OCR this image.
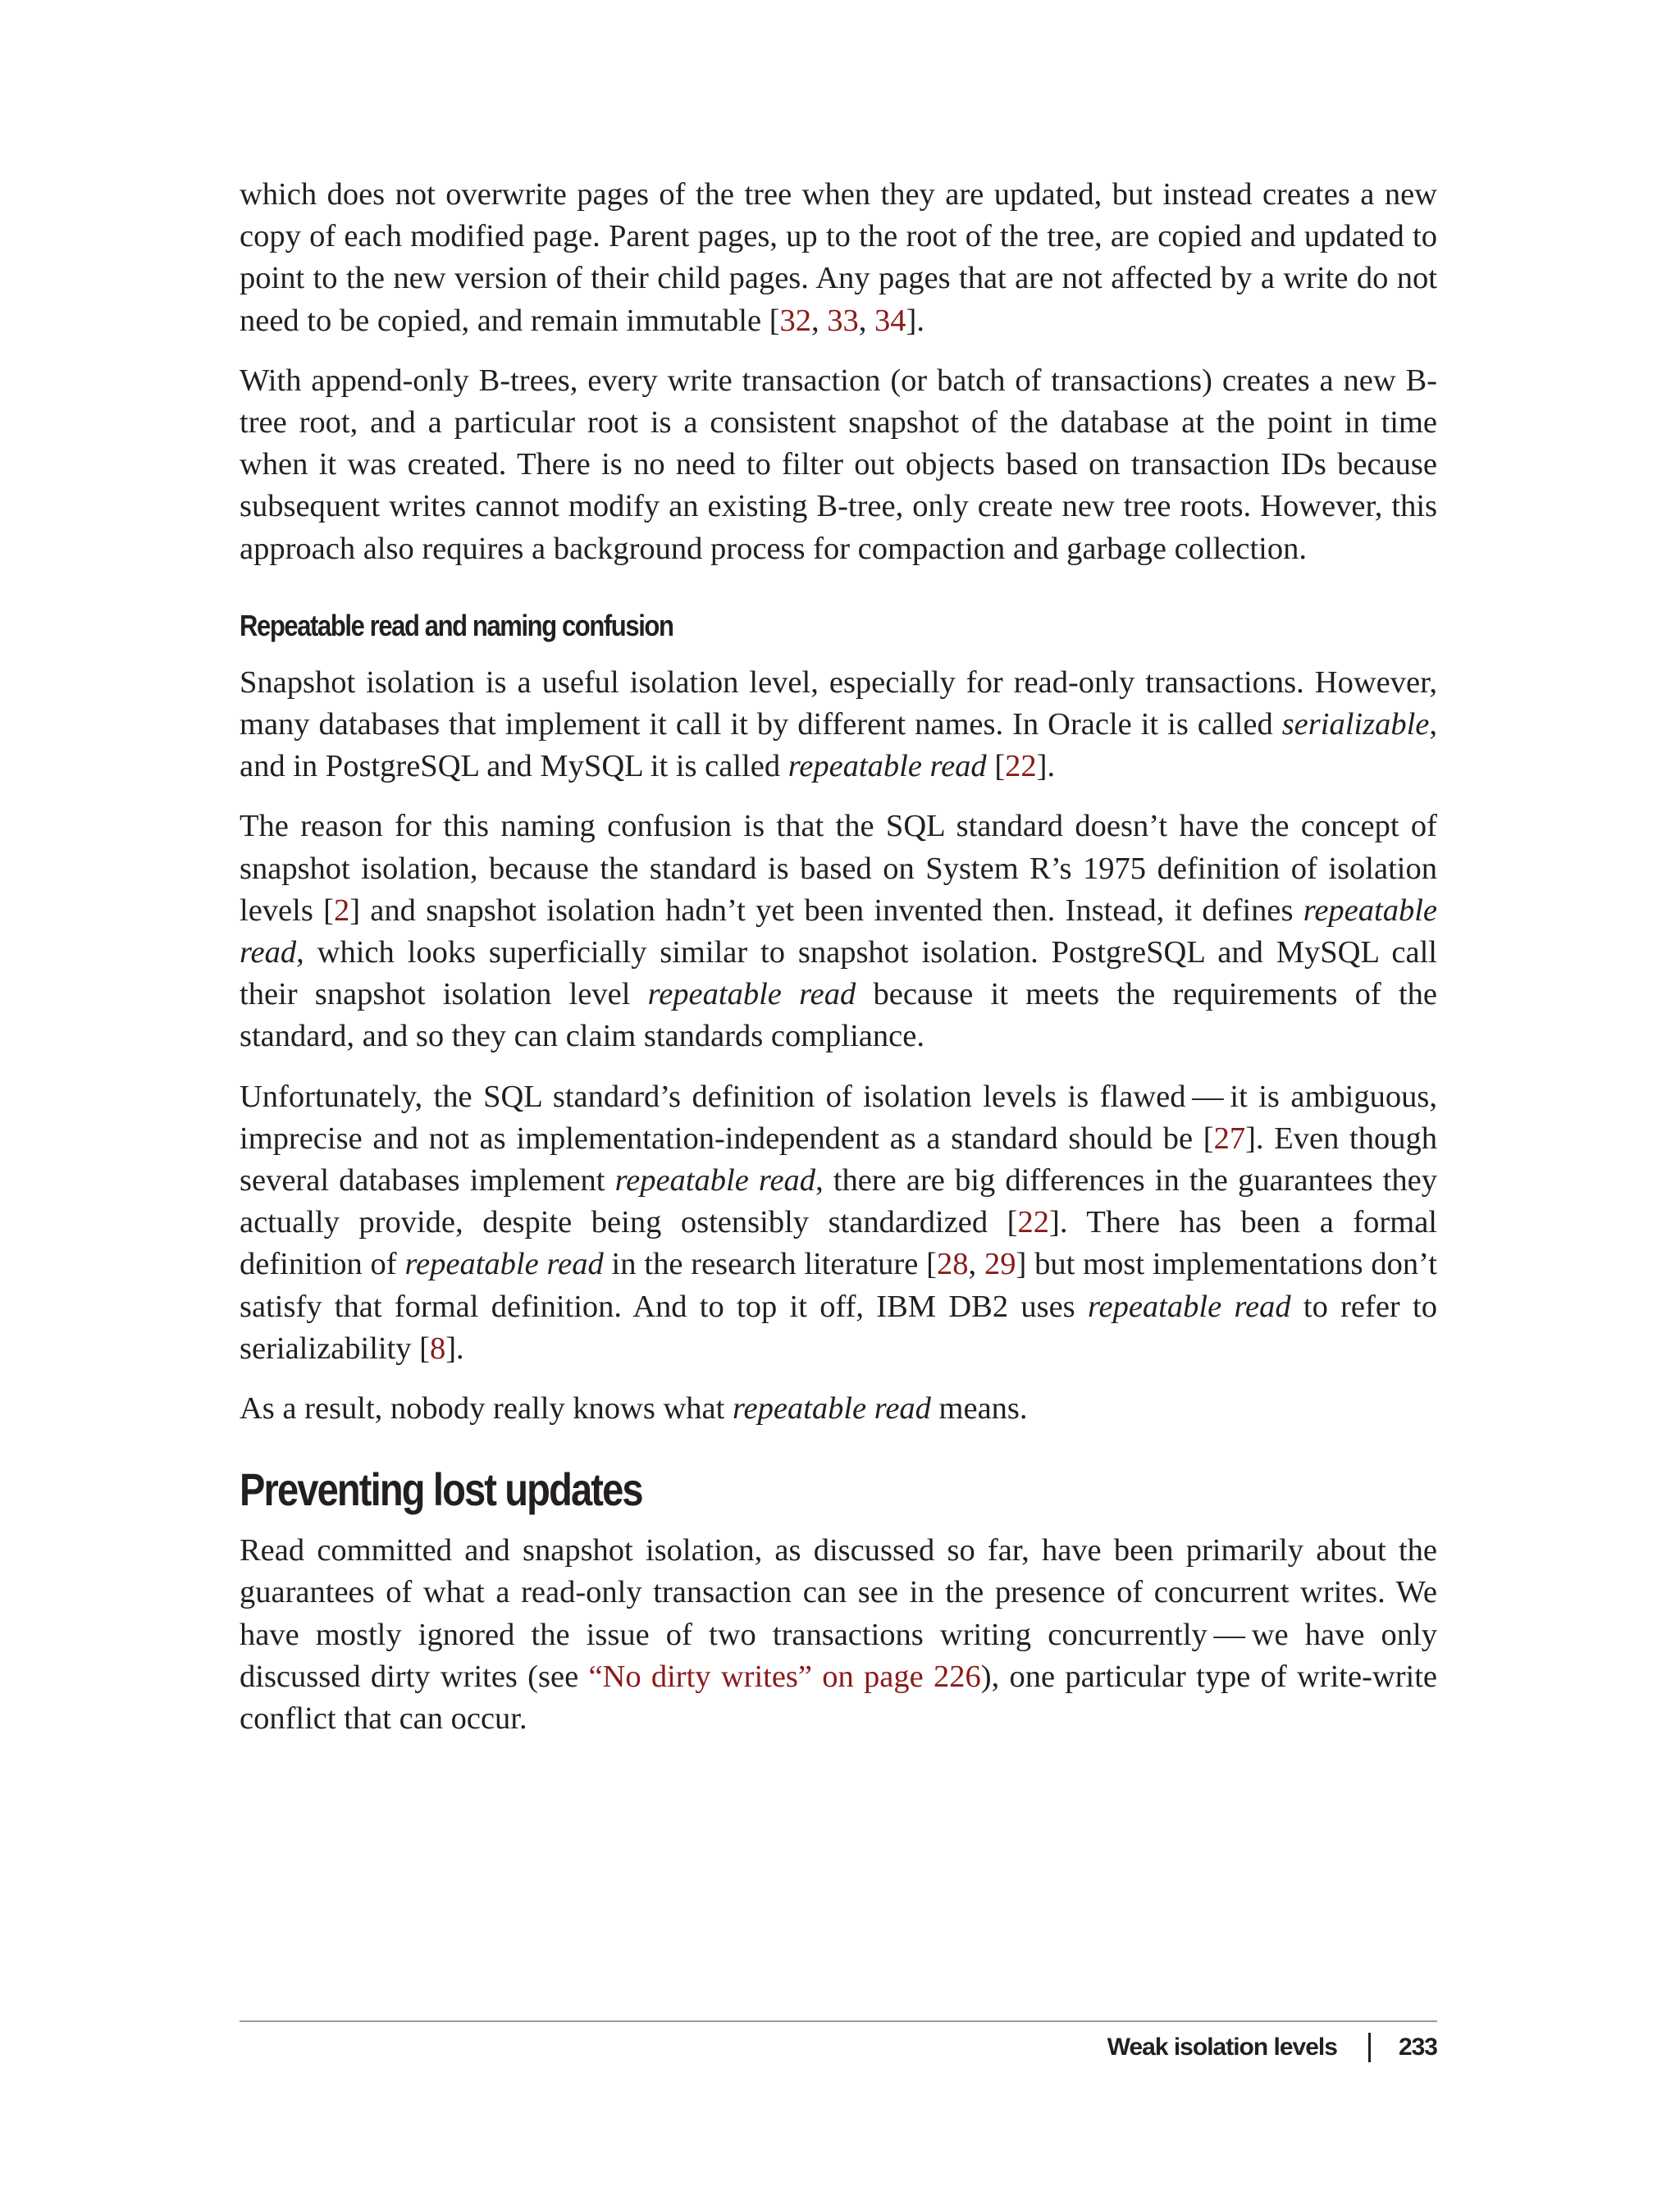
which does not overwrite pages of the tree when they are updated, but instead creates a new copy of each modified page. Parent pages, up to the root of the tree, are copied and updated to point to the new version of their child pages. Any pages that are not affected by a write do not need to be copied, and remain immutable [32, 33, 34].

With append-only B-trees, every write transaction (or batch of transactions) creates a new B-tree root, and a particular root is a consistent snapshot of the database at the point in time when it was created. There is no need to filter out objects based on transaction IDs because subsequent writes cannot modify an existing B-tree, only create new tree roots. However, this approach also requires a background process for compaction and garbage collection.

Repeatable read and naming confusion

Snapshot isolation is a useful isolation level, especially for read-only transactions. However, many databases that implement it call it by different names. In Oracle it is called serializable, and in PostgreSQL and MySQL it is called repeatable read [22].

The reason for this naming confusion is that the SQL standard doesn’t have the concept of snapshot isolation, because the standard is based on System R’s 1975 definition of isolation levels [2] and snapshot isolation hadn’t yet been invented then. Instead, it defines repeatable read, which looks superficially similar to snapshot isolation. PostgreSQL and MySQL call their snapshot isolation level repeatable read because it meets the requirements of the standard, and so they can claim standards compliance.

Unfortunately, the SQL standard’s definition of isolation levels is flawed — it is ambiguous, imprecise and not as implementation-independent as a standard should be [27]. Even though several databases implement repeatable read, there are big differences in the guarantees they actually provide, despite being ostensibly standardized [22]. There has been a formal definition of repeatable read in the research literature [28, 29] but most implementations don’t satisfy that formal definition. And to top it off, IBM DB2 uses repeatable read to refer to serializability [8].

As a result, nobody really knows what repeatable read means.

Preventing lost updates

Read committed and snapshot isolation, as discussed so far, have been primarily about the guarantees of what a read-only transaction can see in the presence of concurrent writes. We have mostly ignored the issue of two transactions writing concurrently — we have only discussed dirty writes (see “No dirty writes” on page 226), one particular type of write-write conflict that can occur.

Weak isolation levels	233
